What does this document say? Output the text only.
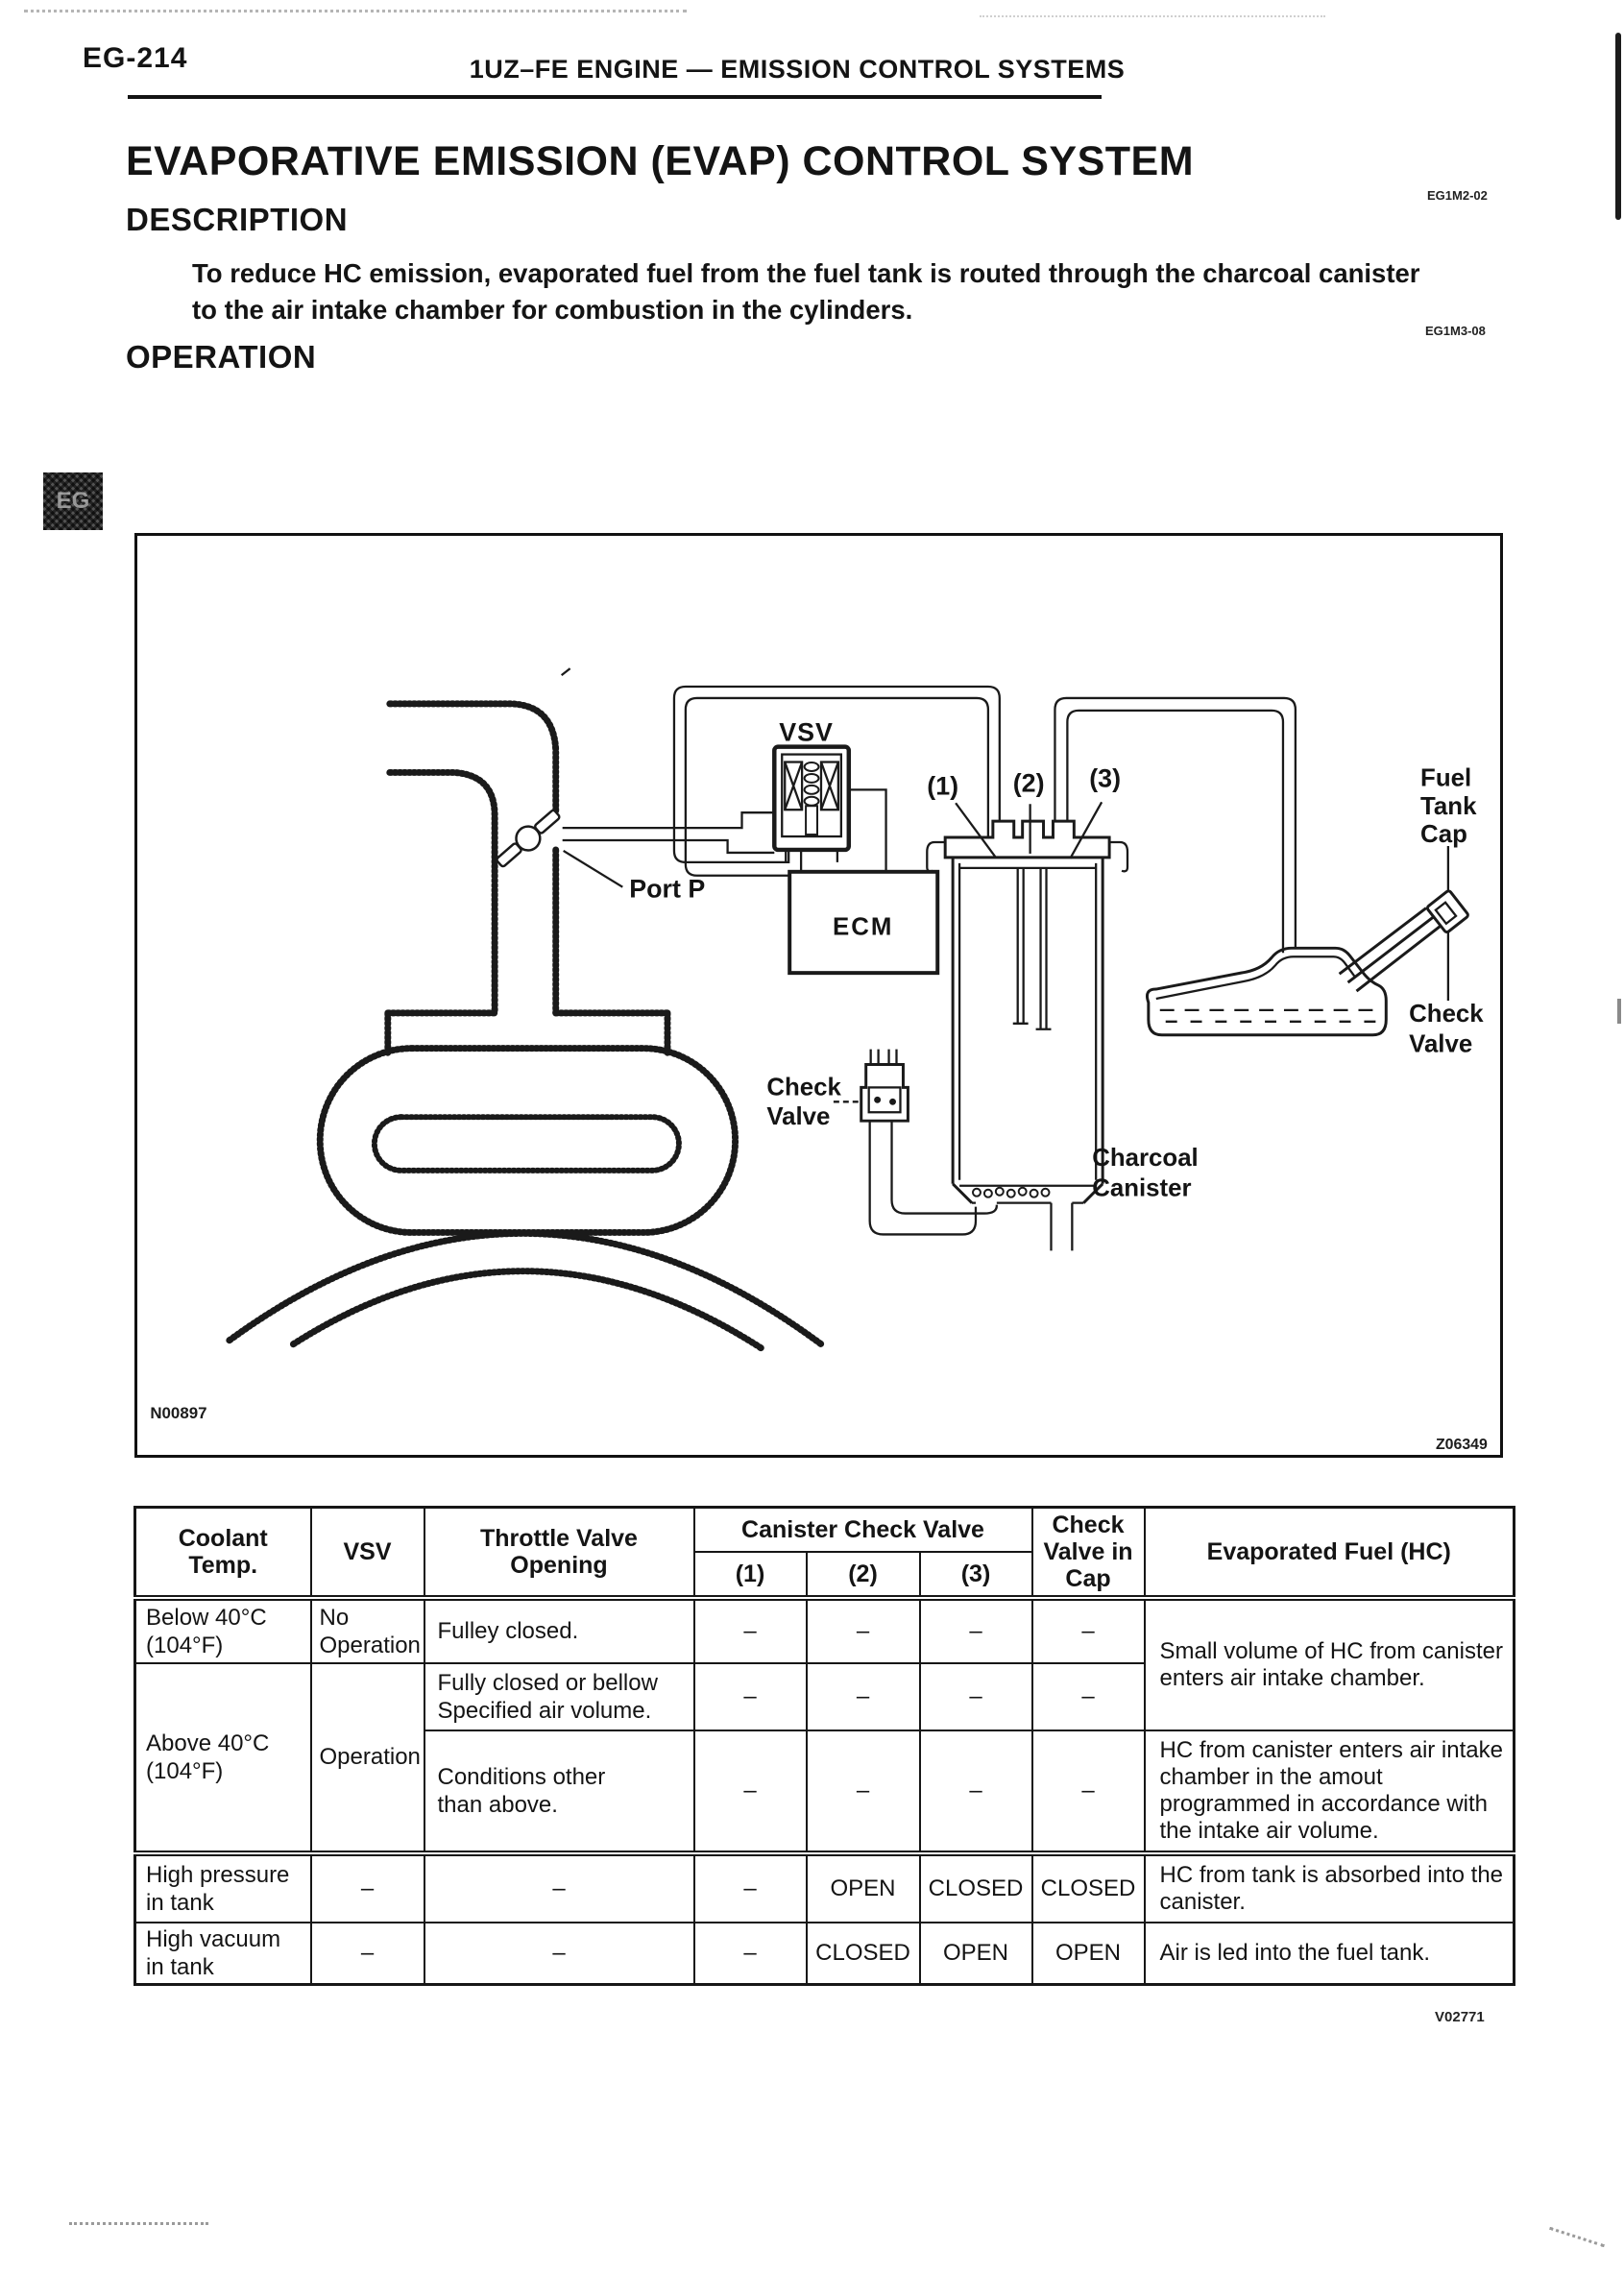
EG-214	1UZ–FE ENGINE — EMISSION CONTROL SYSTEMS
EVAPORATIVE EMISSION (EVAP) CONTROL SYSTEM
EG1M2-02
DESCRIPTION
To reduce HC emission, evaporated fuel from the fuel tank is routed through the charcoal canister
to the air intake chamber for combustion in the cylinders.
EG1M3-08
OPERATION
EG
ECM
VSV
(1) (2) (3)
Port P
Check
Valve
Charcoal
Canister
Fuel
Tank
Cap
Check
Valve
N00897
Z06349
Coolant Temp.	VSV	Throttle Valve Opening	Canister Check Valve			Check Valve in Cap	Evaporated Fuel (HC)
			(1)	(2)	(3)		
Below 40°C (104°F)	No Operation	Fulley closed.	–	–	–	–	Small volume of HC from canister enters air intake chamber.
Above 40°C (104°F)	Operation	Fully closed or bellow Specified air volume.	–	–	–	–	
		Conditions other than above.	–	–	–	–	HC from canister enters air intake chamber in the amout programmed in accordance with the intake air volume.
High pressure in tank	–	–	–	OPEN	CLOSED	CLOSED	HC from tank is absorbed into the canister.
High vacuum in tank	–	–	–	CLOSED	OPEN	OPEN	Air is led into the fuel tank.
V02771
